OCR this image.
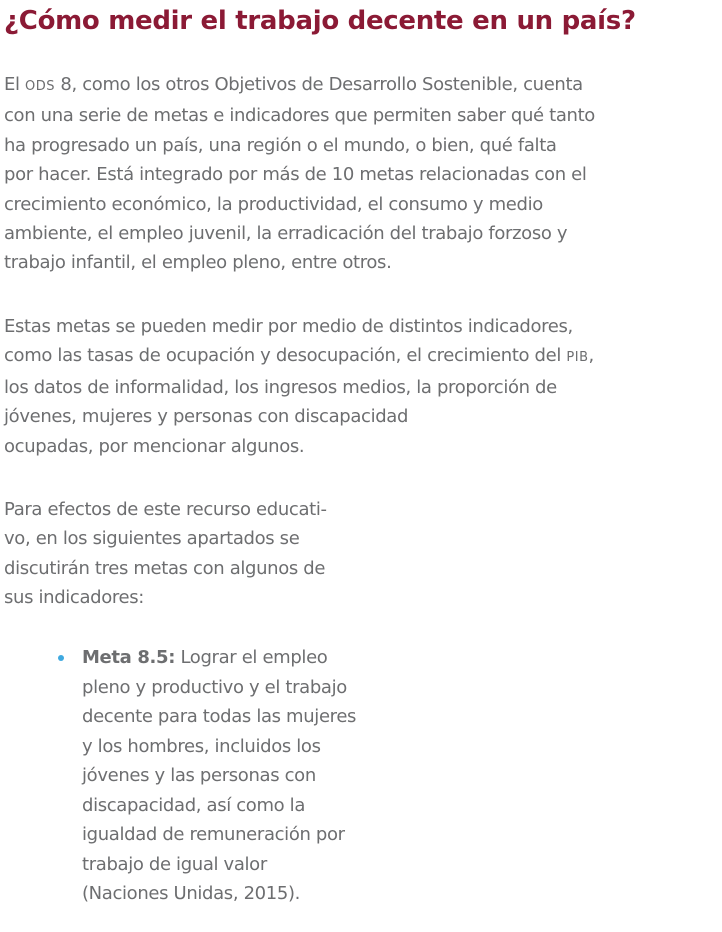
¿Cómo medir el trabajo decente en un país?
El ODS 8, como los otros Objetivos de Desarrollo Sostenible, cuenta
con una serie de metas e indicadores que permiten saber qué tanto
ha progresado un país, una región o el mundo, o bien, qué falta
por hacer. Está integrado por más de 10 metas relacionadas con el
crecimiento económico, la productividad, el consumo y medio
ambiente, el empleo juvenil, la erradicación del trabajo forzoso y
trabajo infantil, el empleo pleno, entre otros.
Estas metas se pueden medir por medio de distintos indicadores,
como las tasas de ocupación y desocupación, el crecimiento del PIB,
los datos de informalidad, los ingresos medios, la proporción de
jóvenes, mujeres y personas con discapacidad
ocupadas, por mencionar algunos.
Para efectos de este recurso educati-
vo, en los siguientes apartados se
discutirán tres metas con algunos de
sus indicadores:
Meta 8.5: Lograr el empleo
pleno y productivo y el trabajo
decente para todas las mujeres
y los hombres, incluidos los
jóvenes y las personas con
discapacidad, así como la
igualdad de remuneración por
trabajo de igual valor
(Naciones Unidas, 2015).
